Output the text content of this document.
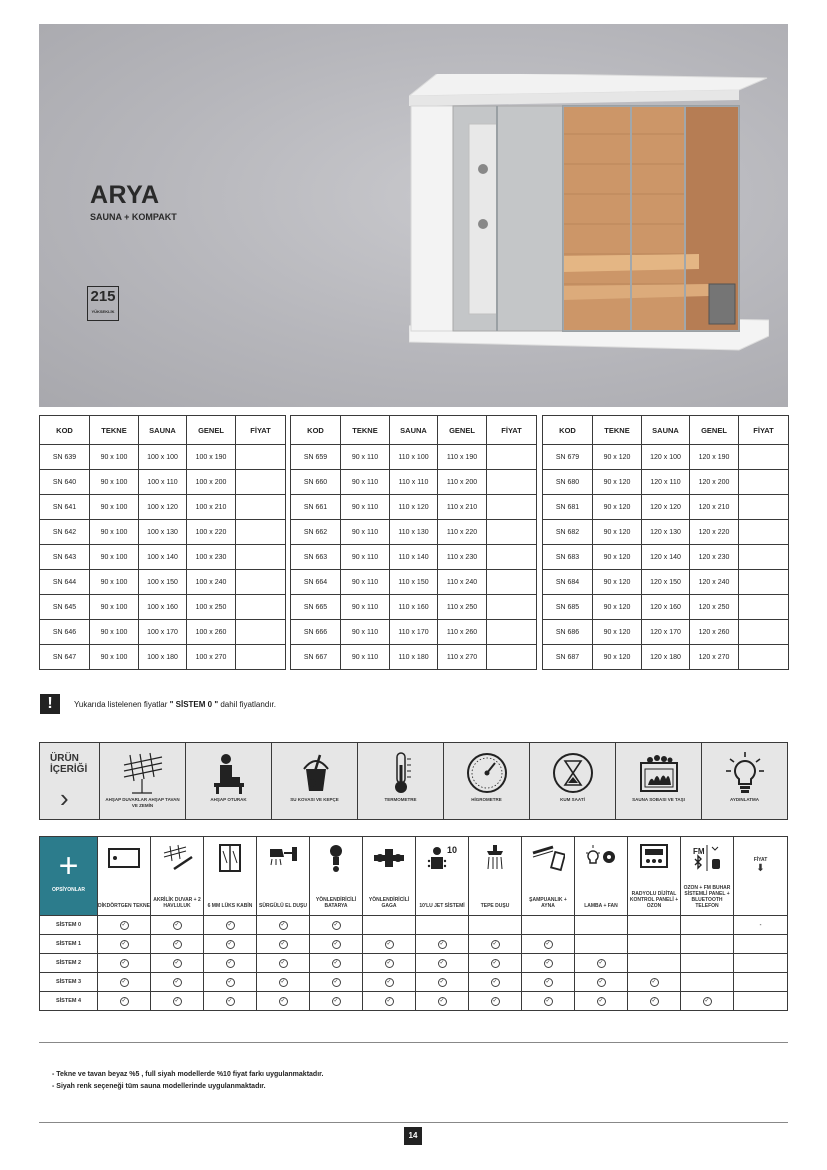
ARYA
SAUNA + KOMPAKT
215
YÜKSEKLİK
KOD	TEKNE	SAUNA	GENEL	FİYAT
SN 639	90 x 100	100 x 100	100 x 190	
SN 640	90 x 100	100 x 110	100 x 200	
SN 641	90 x 100	100 x 120	100 x 210	
SN 642	90 x 100	100 x 130	100 x 220	
SN 643	90 x 100	100 x 140	100 x 230	
SN 644	90 x 100	100 x 150	100 x 240	
SN 645	90 x 100	100 x 160	100 x 250	
SN 646	90 x 100	100 x 170	100 x 260	
SN 647	90 x 100	100 x 180	100 x 270	
KOD	TEKNE	SAUNA	GENEL	FİYAT
SN 659	90 x 110	110 x 100	110 x 190	
SN 660	90 x 110	110 x 110	110 x 200	
SN 661	90 x 110	110 x 120	110 x 210	
SN 662	90 x 110	110 x 130	110 x 220	
SN 663	90 x 110	110 x 140	110 x 230	
SN 664	90 x 110	110 x 150	110 x 240	
SN 665	90 x 110	110 x 160	110 x 250	
SN 666	90 x 110	110 x 170	110 x 260	
SN 667	90 x 110	110 x 180	110 x 270	
KOD	TEKNE	SAUNA	GENEL	FİYAT
SN 679	90 x 120	120 x 100	120 x 190	
SN 680	90 x 120	120 x 110	120 x 200	
SN 681	90 x 120	120 x 120	120 x 210	
SN 682	90 x 120	120 x 130	120 x 220	
SN 683	90 x 120	120 x 140	120 x 230	
SN 684	90 x 120	120 x 150	120 x 240	
SN 685	90 x 120	120 x 160	120 x 250	
SN 686	90 x 120	120 x 170	120 x 260	
SN 687	90 x 120	120 x 180	120 x 270	
!	Yukarıda listelenen fiyatlar
" SİSTEM 0 "
dahil fiyatlandır.
ÜRÜN
İÇERİĞİ
›	AHŞAP DUVARLAR AHŞAP TAVAN VE ZEMİN
AHŞAP OTURAK	SU KOVASI VE KEPÇE	TERMOMETRE	HİGROMETRE	KUM SAATİ	SAUNA SOBASI VE TAŞI	AYDINLATMA
+
OPSİYONLAR	DİKDÖRTGEN TEKNE	AKRİLİK DUVAR + 2 HAVLULUK	6 MM LÜKS KABİN	SÜRGÜLÜ EL DUŞU	YÖNLENDİRİCİLİ BATARYA	YÖNLENDİRİCİLİ GAGA	10
10'LU JET SİSTEMİ	TEPE DUŞU	ŞAMPUANLIK + AYNA	LAMBA + FAN	RADYOLU DİJİTAL KONTROL PANELİ + OZON	FM
OZON + FM BUHAR SİSTEMLİ PANEL + BLUETOOTH TELEFON	FİYAT
⬇
SİSTEM 0	✓	✓	✓	✓	✓								-
SİSTEM 1	✓	✓	✓	✓	✓	✓	✓	✓	✓				
SİSTEM 2	✓	✓	✓	✓	✓	✓	✓	✓	✓	✓			
SİSTEM 3	✓	✓	✓	✓	✓	✓	✓	✓	✓	✓	✓		
SİSTEM 4	✓	✓	✓	✓	✓	✓	✓	✓	✓	✓	✓	✓	
- Tekne ve tavan beyaz %5 , full siyah modellerde %10 fiyat farkı uygulanmaktadır.
- Siyah renk seçeneği tüm sauna modellerinde uygulanmaktadır.
14
